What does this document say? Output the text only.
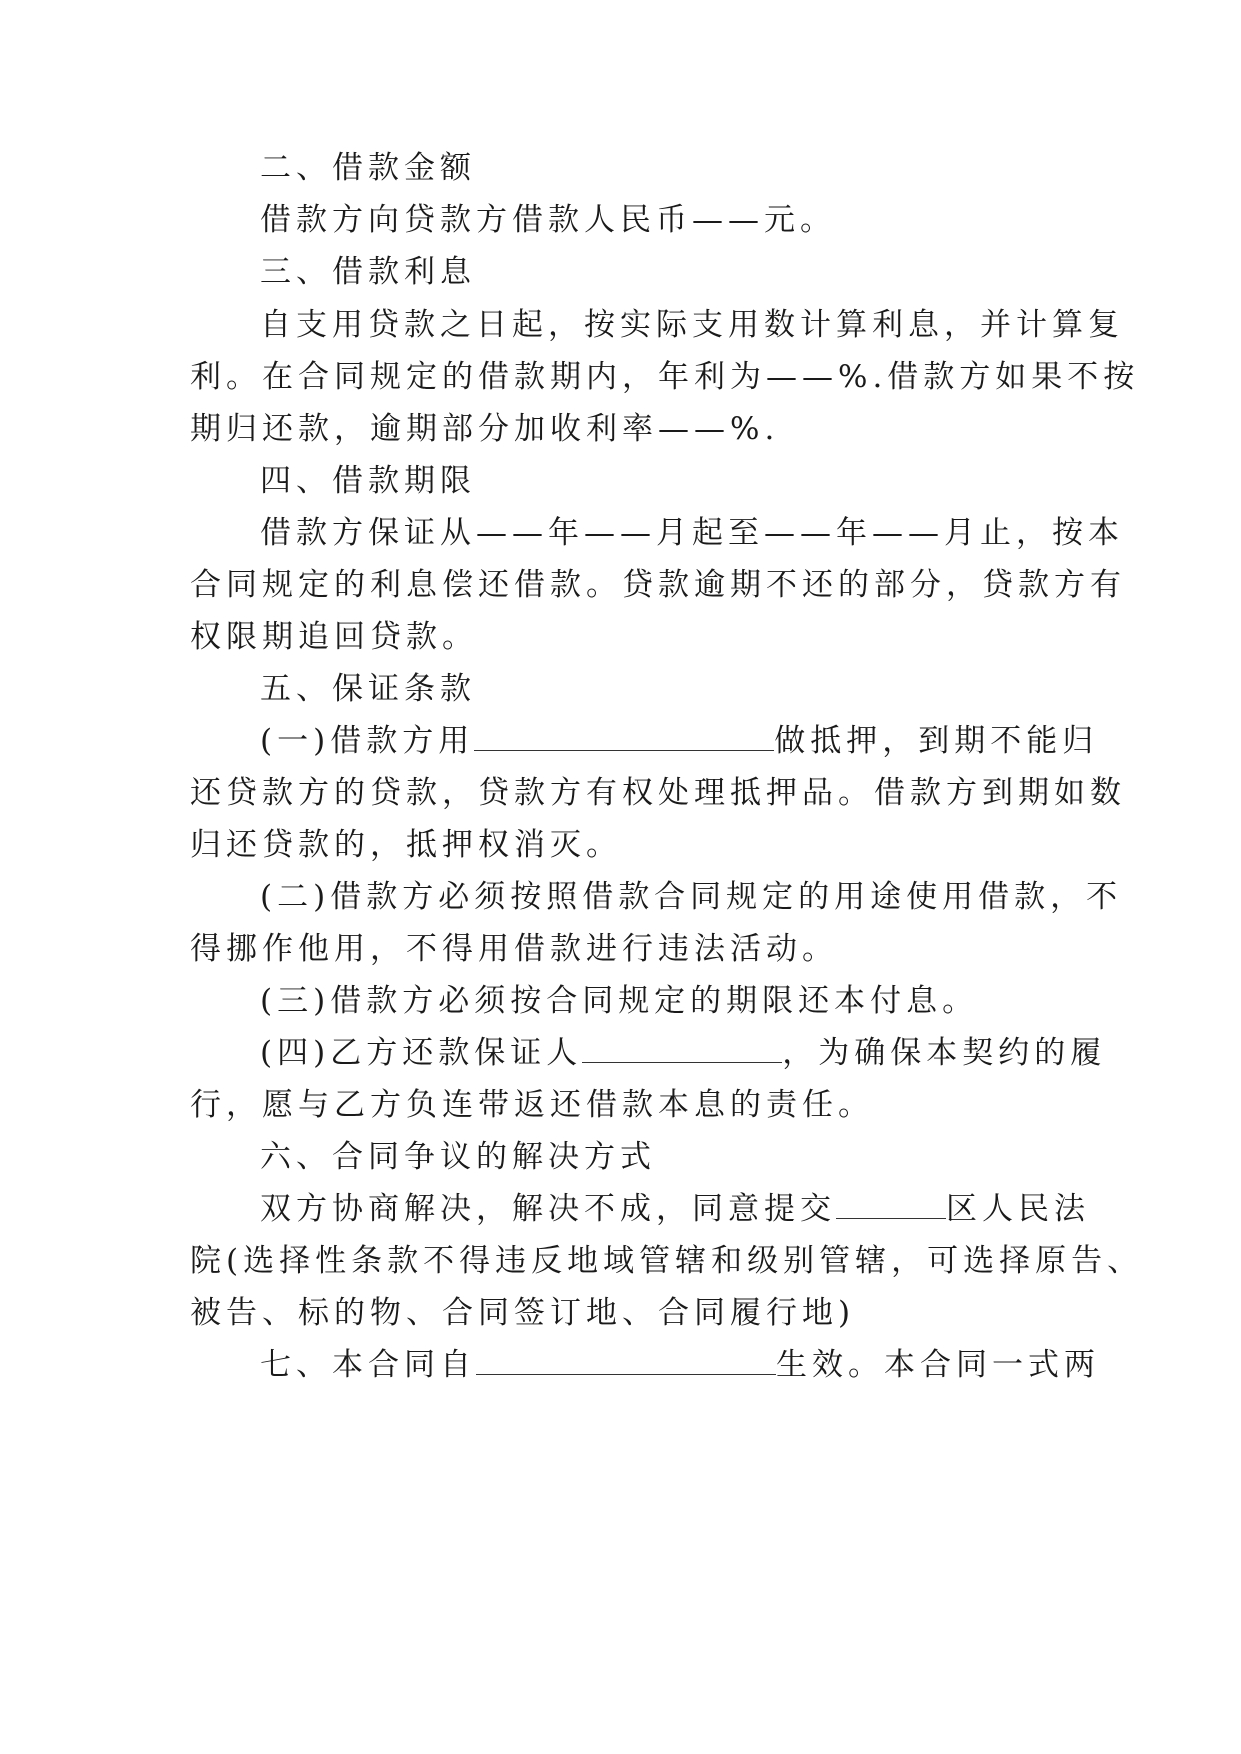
二、借款金额
借款方向贷款方借款人民币——元。
三、借款利息
自支用贷款之日起，按实际支用数计算利息，并计算复
利。在合同规定的借款期内，年利为——%.借款方如果不按
期归还款，逾期部分加收利率——%.
四、借款期限
借款方保证从——年——月起至——年——月止，按本
合同规定的利息偿还借款。贷款逾期不还的部分，贷款方有
权限期追回贷款。
五、保证条款
(一)借款方用	做抵押，到期不能归
还贷款方的贷款，贷款方有权处理抵押品。借款方到期如数
归还贷款的，抵押权消灭。
(二)借款方必须按照借款合同规定的用途使用借款，不
得挪作他用，不得用借款进行违法活动。
(三)借款方必须按合同规定的期限还本付息。
(四)乙方还款保证人	，为确保本契约的履
行，愿与乙方负连带返还借款本息的责任。
六、合同争议的解决方式
双方协商解决，解决不成，同意提交	区人民法
院(选择性条款不得违反地域管辖和级别管辖，可选择原告、
被告、标的物、合同签订地、合同履行地)
七、本合同自	生效。本合同一式两
